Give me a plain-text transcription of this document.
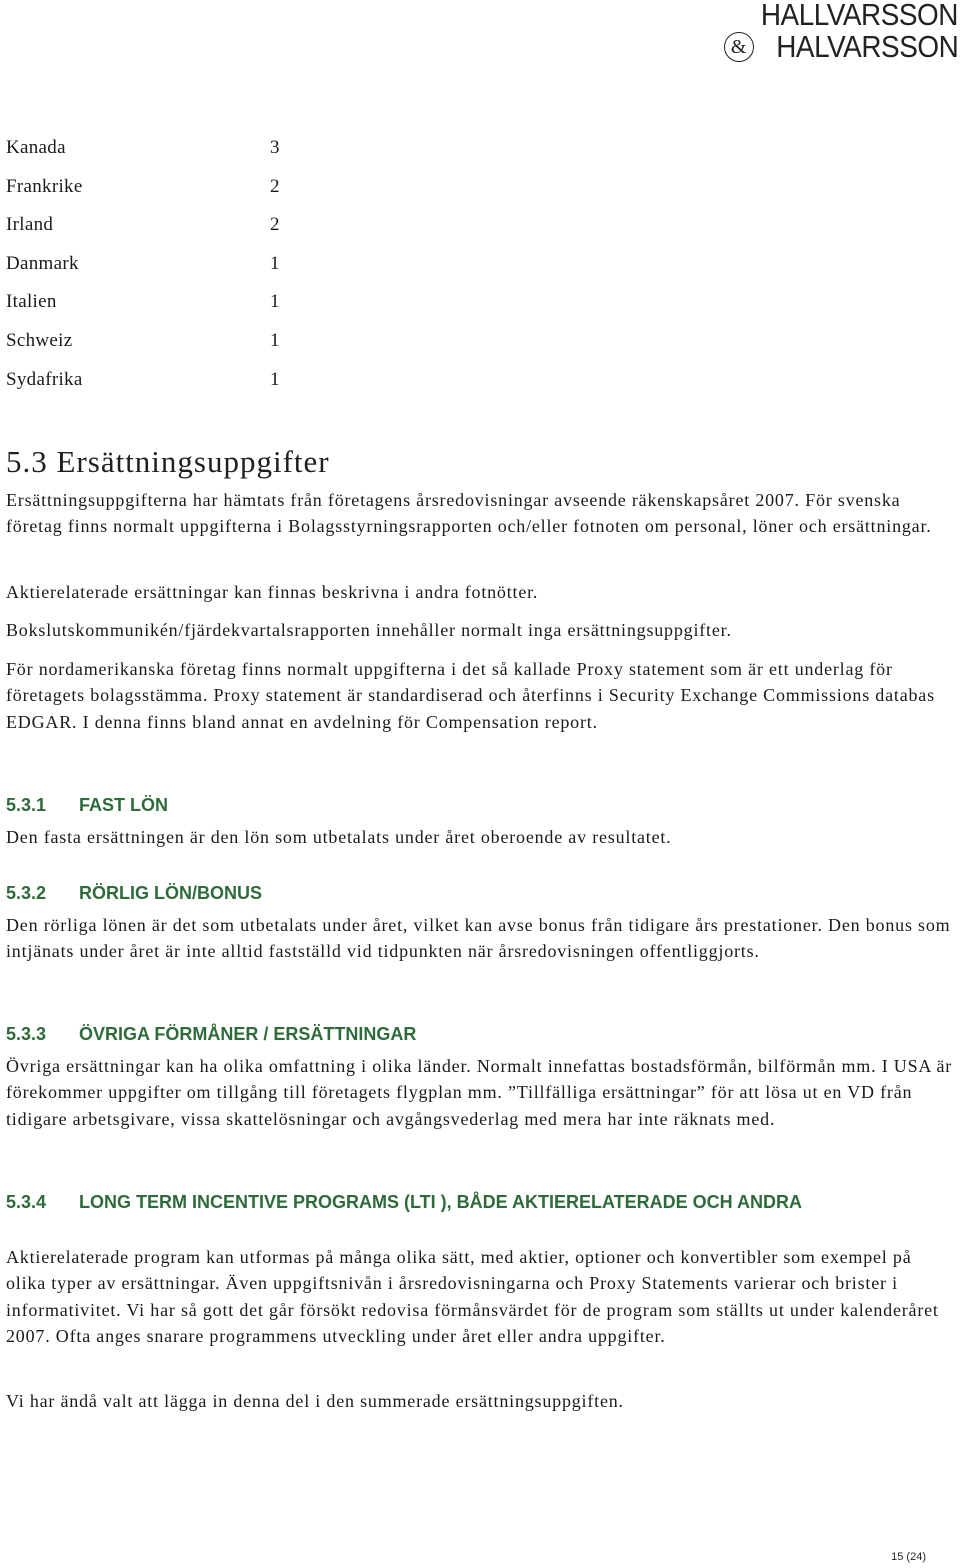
HALLVARSSON
& HALVARSSON
Kanada	3
Frankrike	2
Irland	2
Danmark	1
Italien	1
Schweiz	1
Sydafrika	1
5.3 Ersättningsuppgifter
Ersättningsuppgifterna har hämtats från företagens årsredovisningar avseende räkenskapsåret 2007. För svenska företag finns normalt uppgifterna i Bolagsstyrningsrapporten och/eller fotnoten om personal, löner och ersättningar.
Aktierelaterade ersättningar kan finnas beskrivna i andra fotnötter.
Bokslutskommunikén/fjärdekvartalsrapporten innehåller normalt inga ersättningsuppgifter.
För nordamerikanska företag finns normalt uppgifterna i det så kallade Proxy statement som är ett underlag för företagets bolagsstämma. Proxy statement är standardiserad och återfinns i Security Exchange Commissions databas EDGAR. I denna finns bland annat en avdelning för Compensation report.
5.3.1 FAST LÖN
Den fasta ersättningen är den lön som utbetalats under året oberoende av resultatet.
5.3.2 RÖRLIG LÖN/BONUS
Den rörliga lönen är det som utbetalats under året, vilket kan avse bonus från tidigare års prestationer. Den bonus som intjänats under året är inte alltid fastställd vid tidpunkten när årsredovisningen offentliggjorts.
5.3.3 ÖVRIGA FÖRMÅNER / ERSÄTTNINGAR
Övriga ersättningar kan ha olika omfattning i olika länder. Normalt innefattas bostadsförmån, bilförmån mm. I USA är förekommer uppgifter om tillgång till företagets flygplan mm. ”Tillfälliga ersättningar” för att lösa ut en VD från tidigare arbetsgivare, vissa skattelösningar och avgångsvederlag med mera har inte räknats med.
5.3.4 LONG TERM INCENTIVE PROGRAMS (LTI ), BÅDE AKTIERELATERADE OCH ANDRA
Aktierelaterade program kan utformas på många olika sätt, med aktier, optioner och konvertibler som exempel på olika typer av ersättningar. Även uppgiftsnivån i årsredovisningarna och Proxy Statements varierar och brister i informativitet. Vi har så gott det går försökt redovisa förmånsvärdet för de program som ställts ut under kalenderåret 2007. Ofta anges snarare programmens utveckling under året eller andra uppgifter.
Vi har ändå valt att lägga in denna del i den summerade ersättningsuppgiften.
15 (24)
